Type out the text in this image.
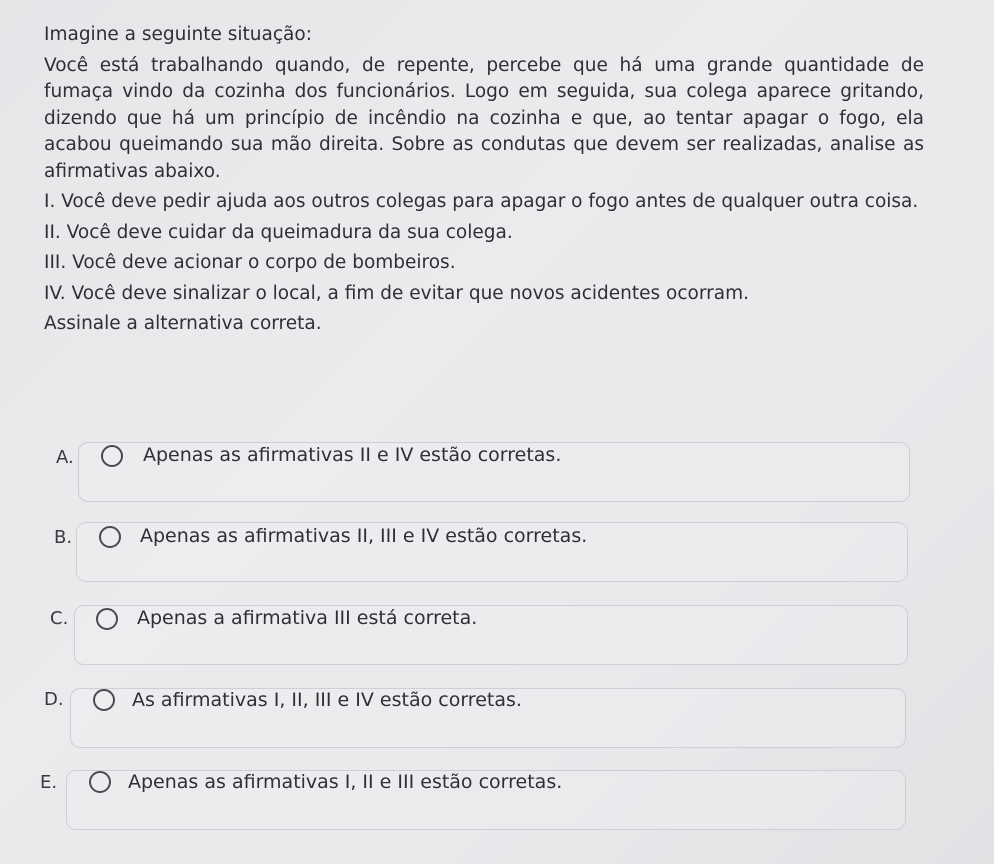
Imagine a seguinte situação:

Você está trabalhando quando, de repente, percebe que há uma grande quantidade de fumaça vindo da cozinha dos funcionários. Logo em seguida, sua colega aparece gritando, dizendo que há um princípio de incêndio na cozinha e que, ao tentar apagar o fogo, ela acabou queimando sua mão direita. Sobre as condutas que devem ser realizadas, analise as afirmativas abaixo.

I. Você deve pedir ajuda aos outros colegas para apagar o fogo antes de qualquer outra coisa.

II. Você deve cuidar da queimadura da sua colega.

III. Você deve acionar o corpo de bombeiros.

IV. Você deve sinalizar o local, a fim de evitar que novos acidentes ocorram.

Assinale a alternativa correta.

A.	Apenas as afirmativas II e IV estão corretas.
B.	Apenas as afirmativas II, III e IV estão corretas.
C.	Apenas a afirmativa III está correta.
D.	As afirmativas I, II, III e IV estão corretas.
E.	Apenas as afirmativas I, II e III estão corretas.
